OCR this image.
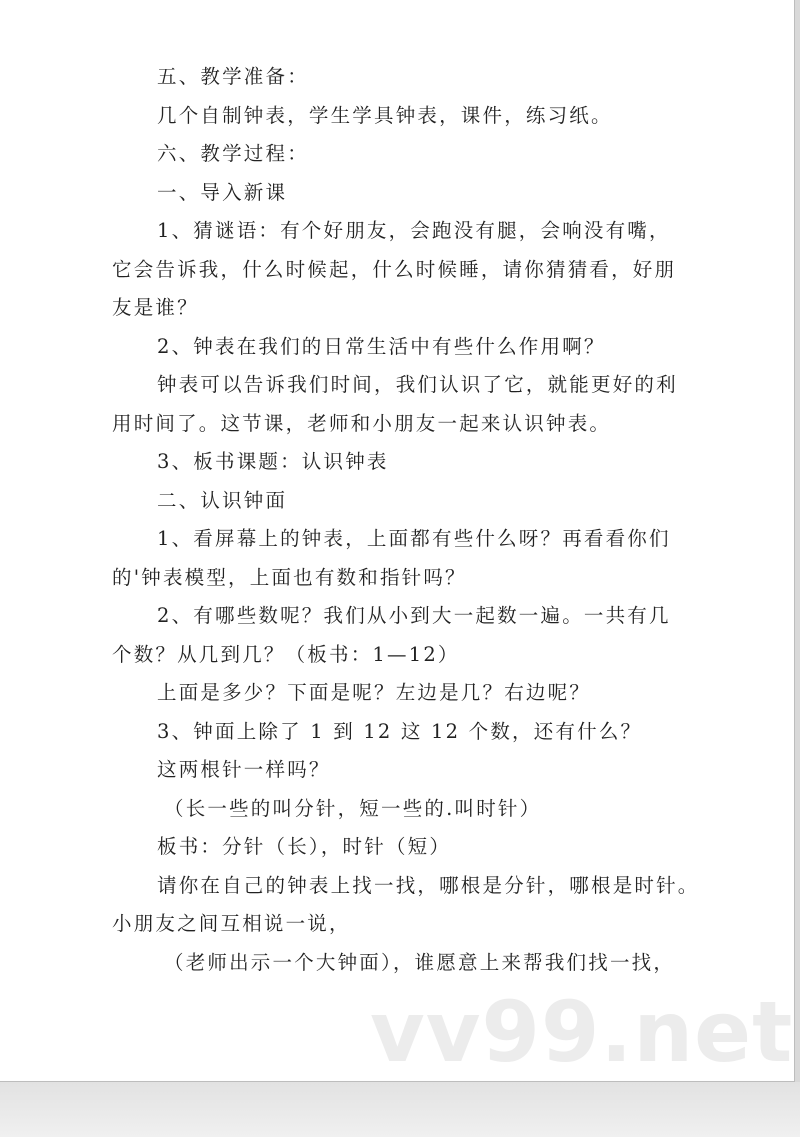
五、教学准备：

几个自制钟表，学生学具钟表，课件，练习纸。

六、教学过程：

一、导入新课

1、猜谜语：有个好朋友，会跑没有腿，会响没有嘴，

它会告诉我，什么时候起，什么时候睡，请你猜猜看，好朋

友是谁？

2、钟表在我们的日常生活中有些什么作用啊？

钟表可以告诉我们时间，我们认识了它，就能更好的利

用时间了。这节课，老师和小朋友一起来认识钟表。

3、板书课题：认识钟表

二、认识钟面

1、看屏幕上的钟表，上面都有些什么呀？再看看你们

的'钟表模型，上面也有数和指针吗？

2、有哪些数呢？我们从小到大一起数一遍。一共有几

个数？从几到几？（板书：1—12）

上面是多少？下面是呢？左边是几？右边呢？

3、钟面上除了 1 到 12 这 12 个数，还有什么？

这两根针一样吗？

（长一些的叫分针，短一些的.叫时针）

板书：分针（长），时针（短）

请你在自己的钟表上找一找，哪根是分针，哪根是时针。

小朋友之间互相说一说，

（老师出示一个大钟面），谁愿意上来帮我们找一找，

vv99.net
